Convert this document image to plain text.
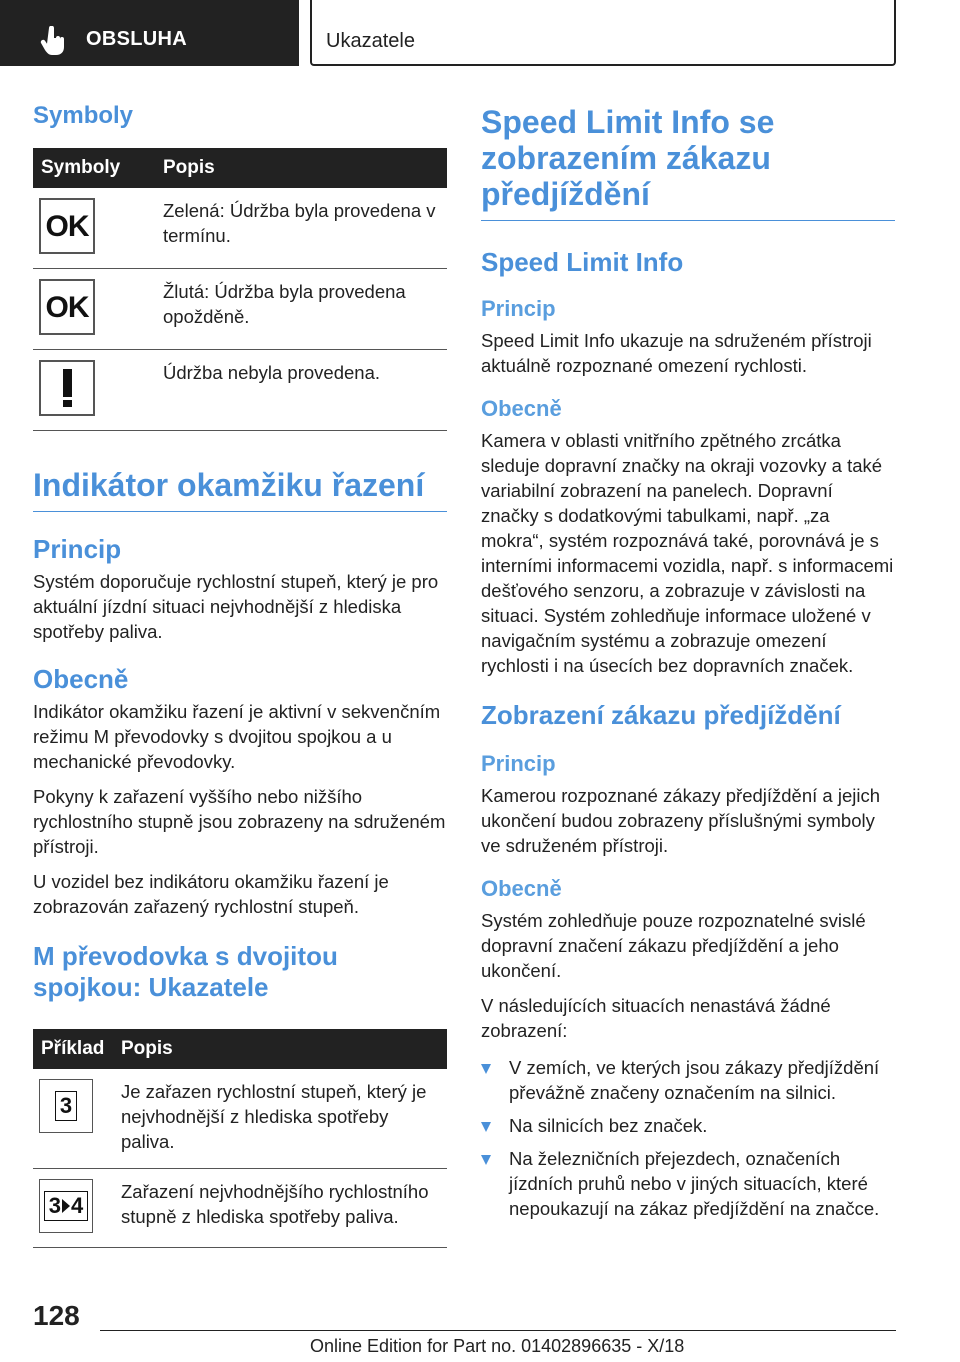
OBSLUHA	Ukazatele
Symboly
Symboly	Popis

OK	Zelená: Údržba byla provedena v termínu.

OK	Žlutá: Údržba byla provedena opožděně.

	Údržba nebyla provedena.
Indikátor okamžiku řazení
Princip

Systém doporučuje rychlostní stupeň, který je pro aktuální jízdní situaci nejvhodnější z hlediska spotřeby paliva.

Obecně

Indikátor okamžiku řazení je aktivní v sekvenčním režimu M převodovky s dvojitou spojkou a u mechanické převodovky.

Pokyny k zařazení vyššího nebo nižšího rychlostního stupně jsou zobrazeny na sdruženém přístroji.

U vozidel bez indikátoru okamžiku řazení je zobrazován zařazený rychlostní stupeň.

M převodovka s dvojitou spojkou: Ukazatele
Příklad	Popis

3	Je zařazen rychlostní stupeň, který je nejvhodnější z hlediska spotřeby paliva.

3 4	Zařazení nejvhodnějšího rychlostního stupně z hlediska spotřeby paliva.
Speed Limit Info se zobrazením zákazu předjíždění
Speed Limit Info
Princip

Speed Limit Info ukazuje na sdruženém přístroji aktuálně rozpoznané omezení rychlosti.

Obecně

Kamera v oblasti vnitřního zpětného zrcátka sleduje dopravní značky na okraji vozovky a také variabilní zobrazení na panelech. Dopravní značky s dodatkovými tabulkami, např. „za mokra“, systém rozpoznává také, porovnává je s interními informacemi vozidla, např. s informacemi dešťového senzoru, a zobrazuje v závislosti na situaci. Systém zohledňuje informace uložené v navigačním systému a zobrazuje omezení rychlosti i na úsecích bez dopravních značek.

Zobrazení zákazu předjíždění
Princip

Kamerou rozpoznané zákazy předjíždění a jejich ukončení budou zobrazeny příslušnými symboly ve sdruženém přístroji.

Obecně

Systém zohledňuje pouze rozpoznatelné svislé dopravní značení zákazu předjíždění a jeho ukončení.

V následujících situacích nenastává žádné zobrazení:

V zemích, ve kterých jsou zákazy předjíždění převážně značeny označením na silnici.
Na silnicích bez značek.
Na železničních přejezdech, označeních jízdních pruhů nebo v jiných situacích, které nepoukazují na zákaz předjíždění na značce.
128
Online Edition for Part no. 01402896635 - X/18
